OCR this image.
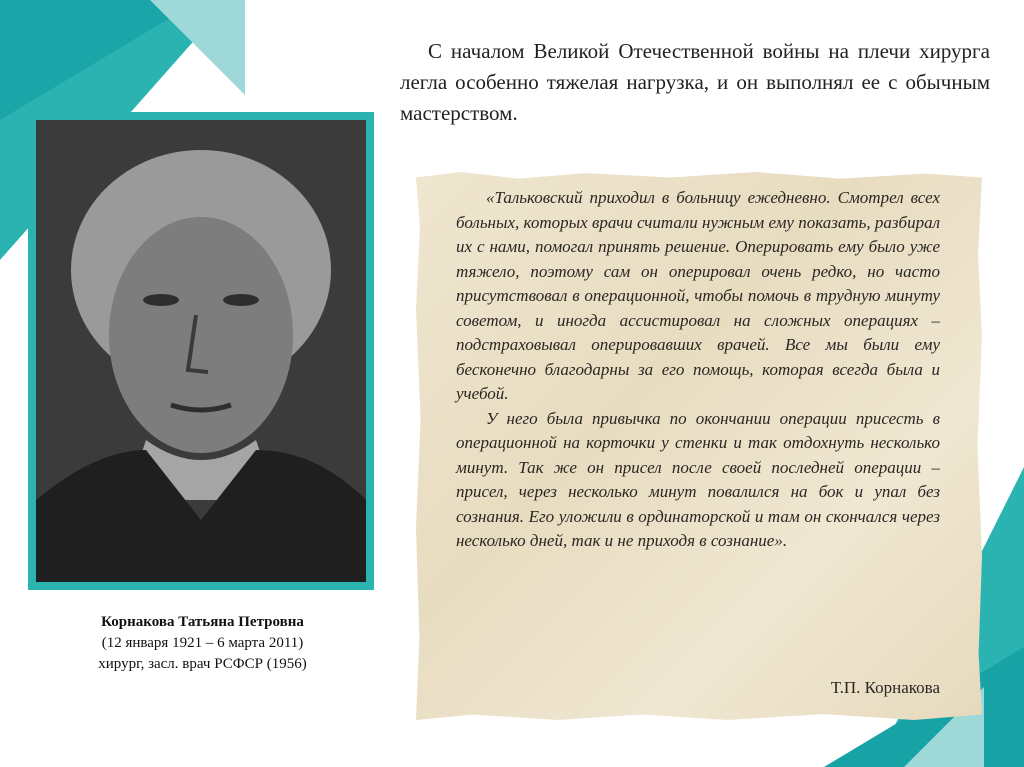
С началом Великой Отечественной войны на плечи хирурга легла особенно тяжелая нагрузка, и он выполнял ее с обычным мастерством.
Корнакова Татьяна Петровна
(12 января 1921 – 6 марта 2011)
хирург, засл. врач РСФСР (1956)

«Тальковский приходил в больницу ежедневно. Смотрел всех больных, которых врачи считали нужным ему показать, разбирал их с нами, помогал принять решение. Оперировать ему было уже тяжело, поэтому сам он оперировал очень редко, но часто присутствовал в операционной, чтобы помочь в трудную минуту советом, и иногда ассистировал на сложных операциях – подстраховывал оперировавших врачей. Все мы были ему бесконечно благодарны за его помощь, которая всегда была и учебой.

У него была привычка по окончании операции присесть в операционной на корточки у стенки и так отдохнуть несколько минут. Так же он присел после своей последней операции – присел, через несколько минут повалился на бок и упал без сознания. Его уложили в ординаторской и там он скончался через несколько дней, так и не приходя в сознание».

Т.П. Корнакова
